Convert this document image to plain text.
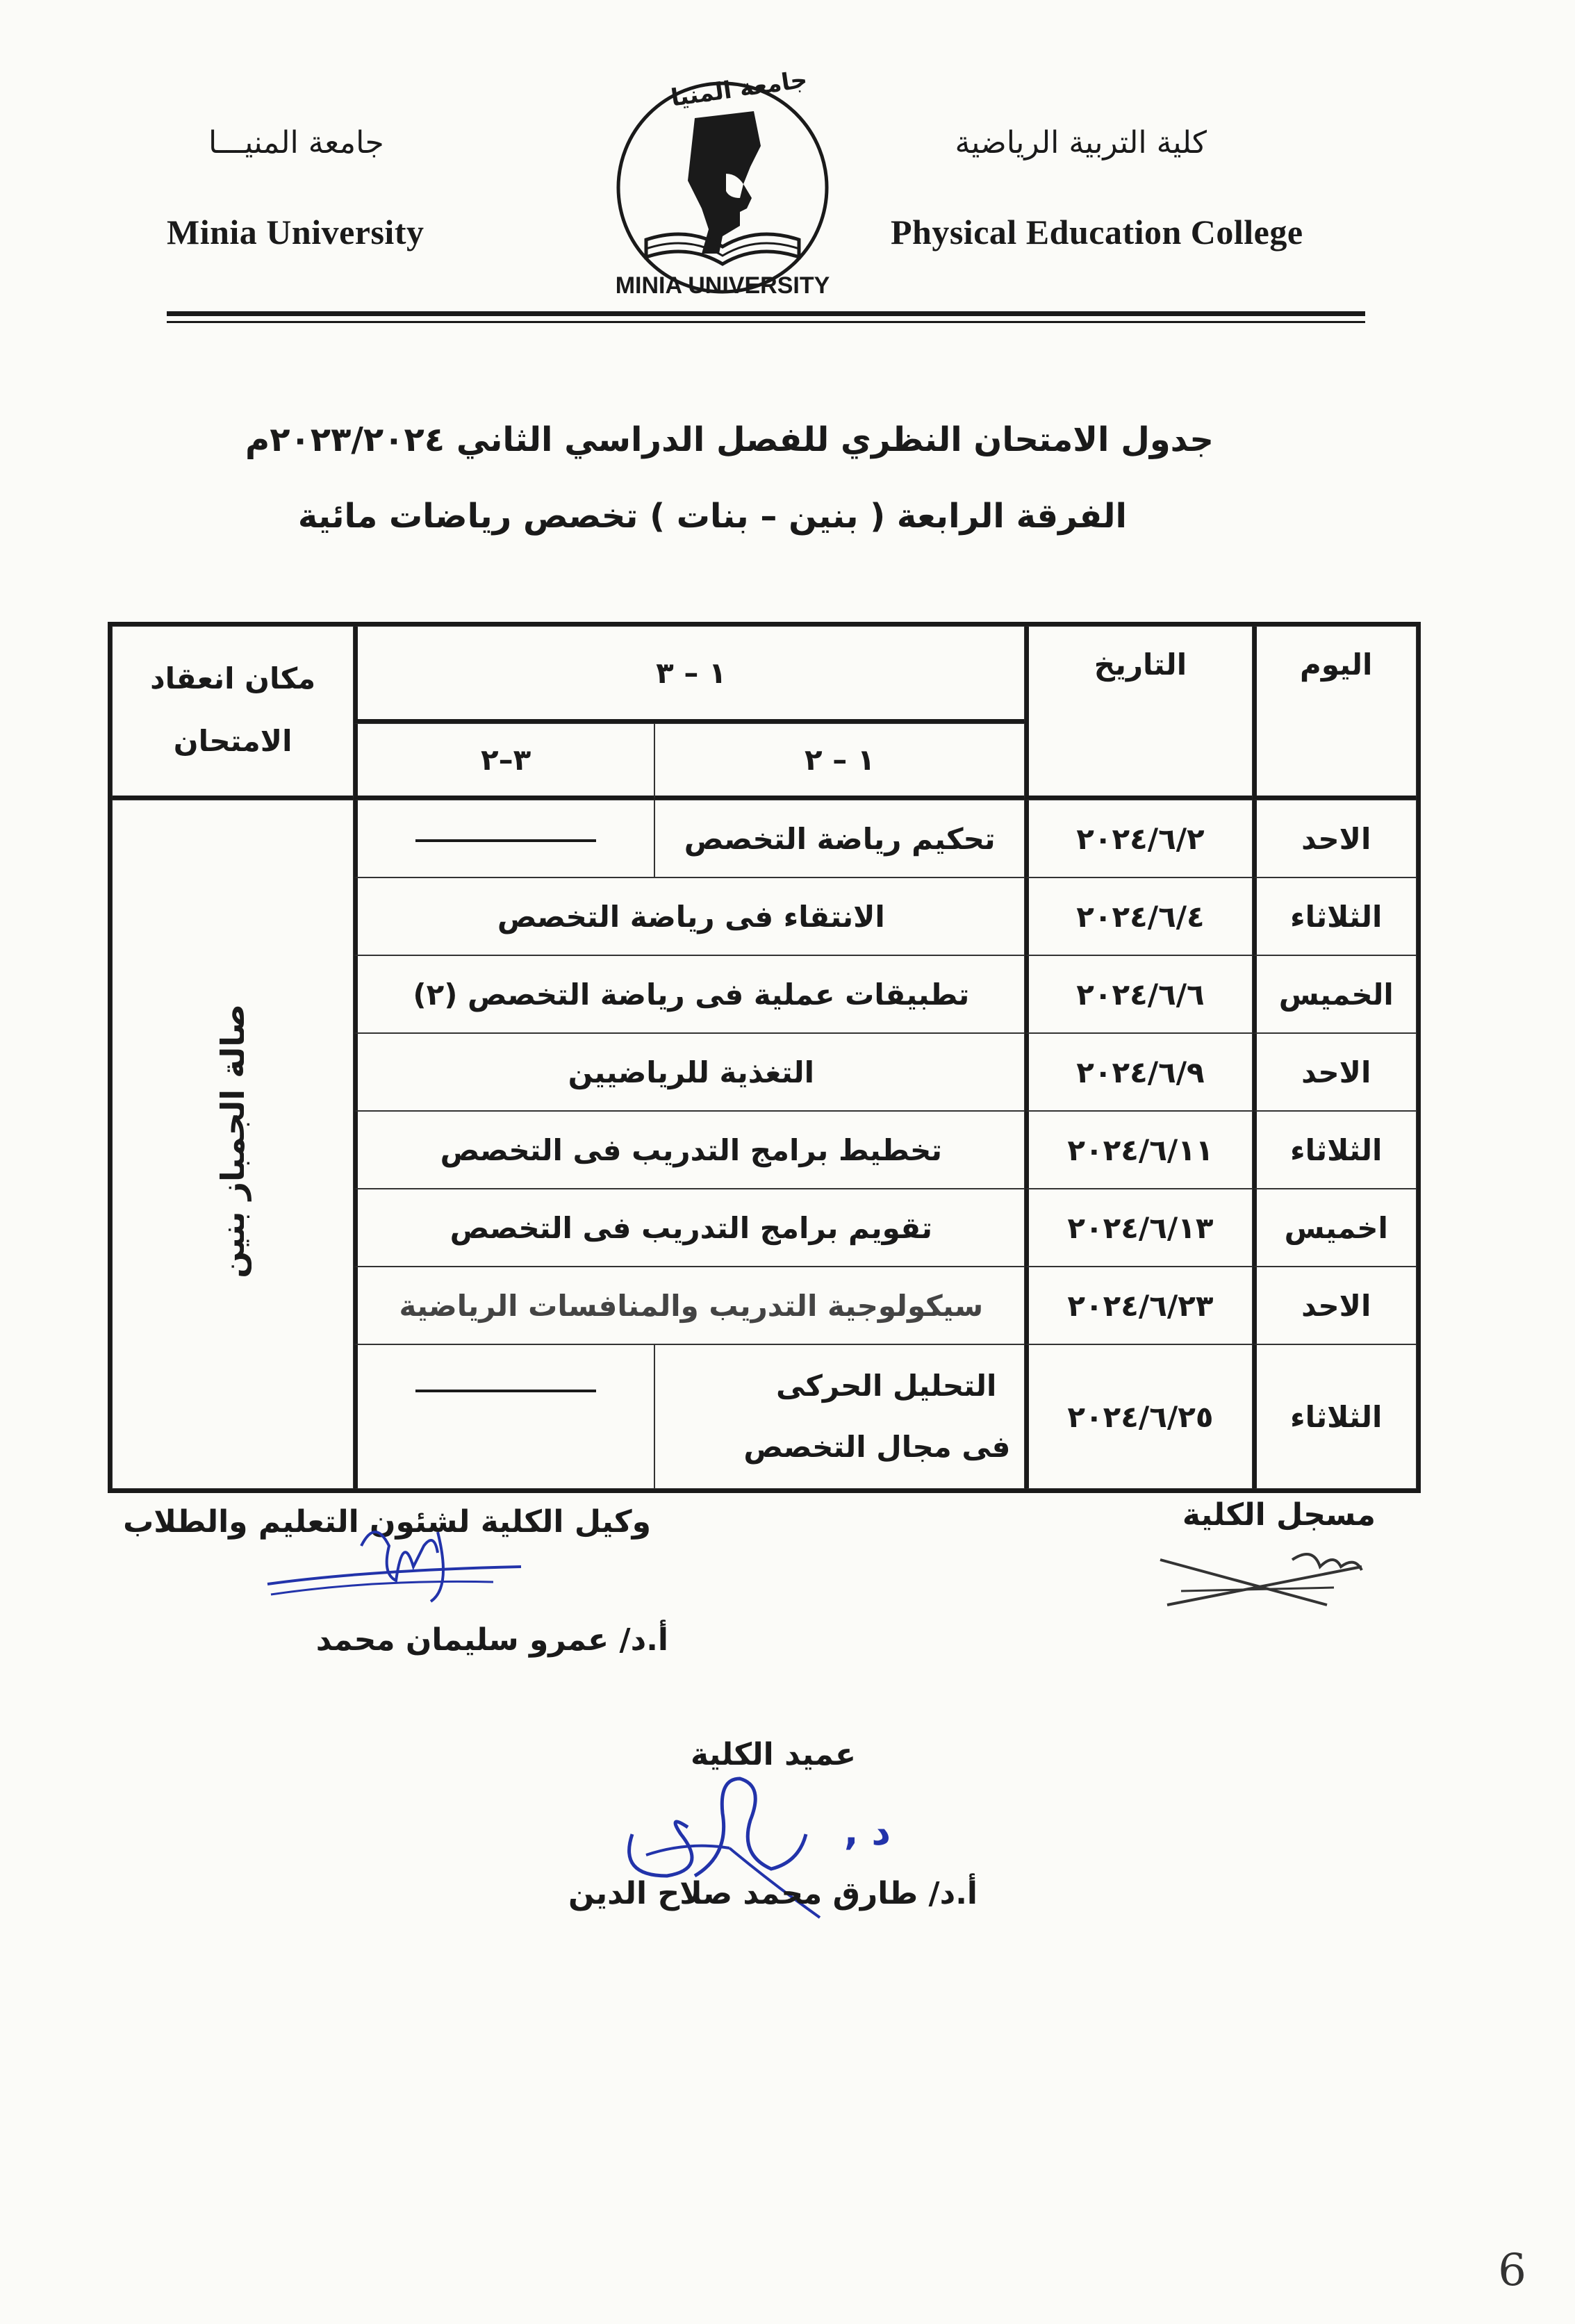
جامعة المنيـــا
Minia University
كلية التربية الرياضية
Physical Education College
جامعة المنيا
MINIA UNIVERSITY
جدول الامتحان النظري للفصل الدراسي الثاني ٢٠٢٣/٢٠٢٤م
الفرقة الرابعة ( بنين – بنات ) تخصص رياضات مائية
اليوم	التاريخ	١ – ٣		مكان انعقاد الامتحان
		١ – ٢	٣–٢	
الاحد	٢٠٢٤/٦/٢	تحكيم رياضة التخصص		صالة الجمباز بنين
الثلاثاء	٢٠٢٤/٦/٤	الانتقاء فى رياضة التخصص		
الخميس	٢٠٢٤/٦/٦	تطبيقات عملية فى رياضة التخصص (٢)		
الاحد	٢٠٢٤/٦/٩	التغذية للرياضيين		
الثلاثاء	٢٠٢٤/٦/١١	تخطيط برامج التدريب فى التخصص		
اخميس	٢٠٢٤/٦/١٣	تقويم برامج التدريب فى التخصص		
الاحد	٢٠٢٤/٦/٢٣	سيكولوجية التدريب والمنافسات الرياضية		
الثلاثاء	٢٠٢٤/٦/٢٥	التحليل الحركى
فى مجال التخصص		

مسجل الكلية
وكيل الكلية لشئون التعليم والطلاب
أ.د/ عمرو سليمان محمد
عميد الكلية
د ,
أ.د/ طارق محمد صلاح الدين
6
